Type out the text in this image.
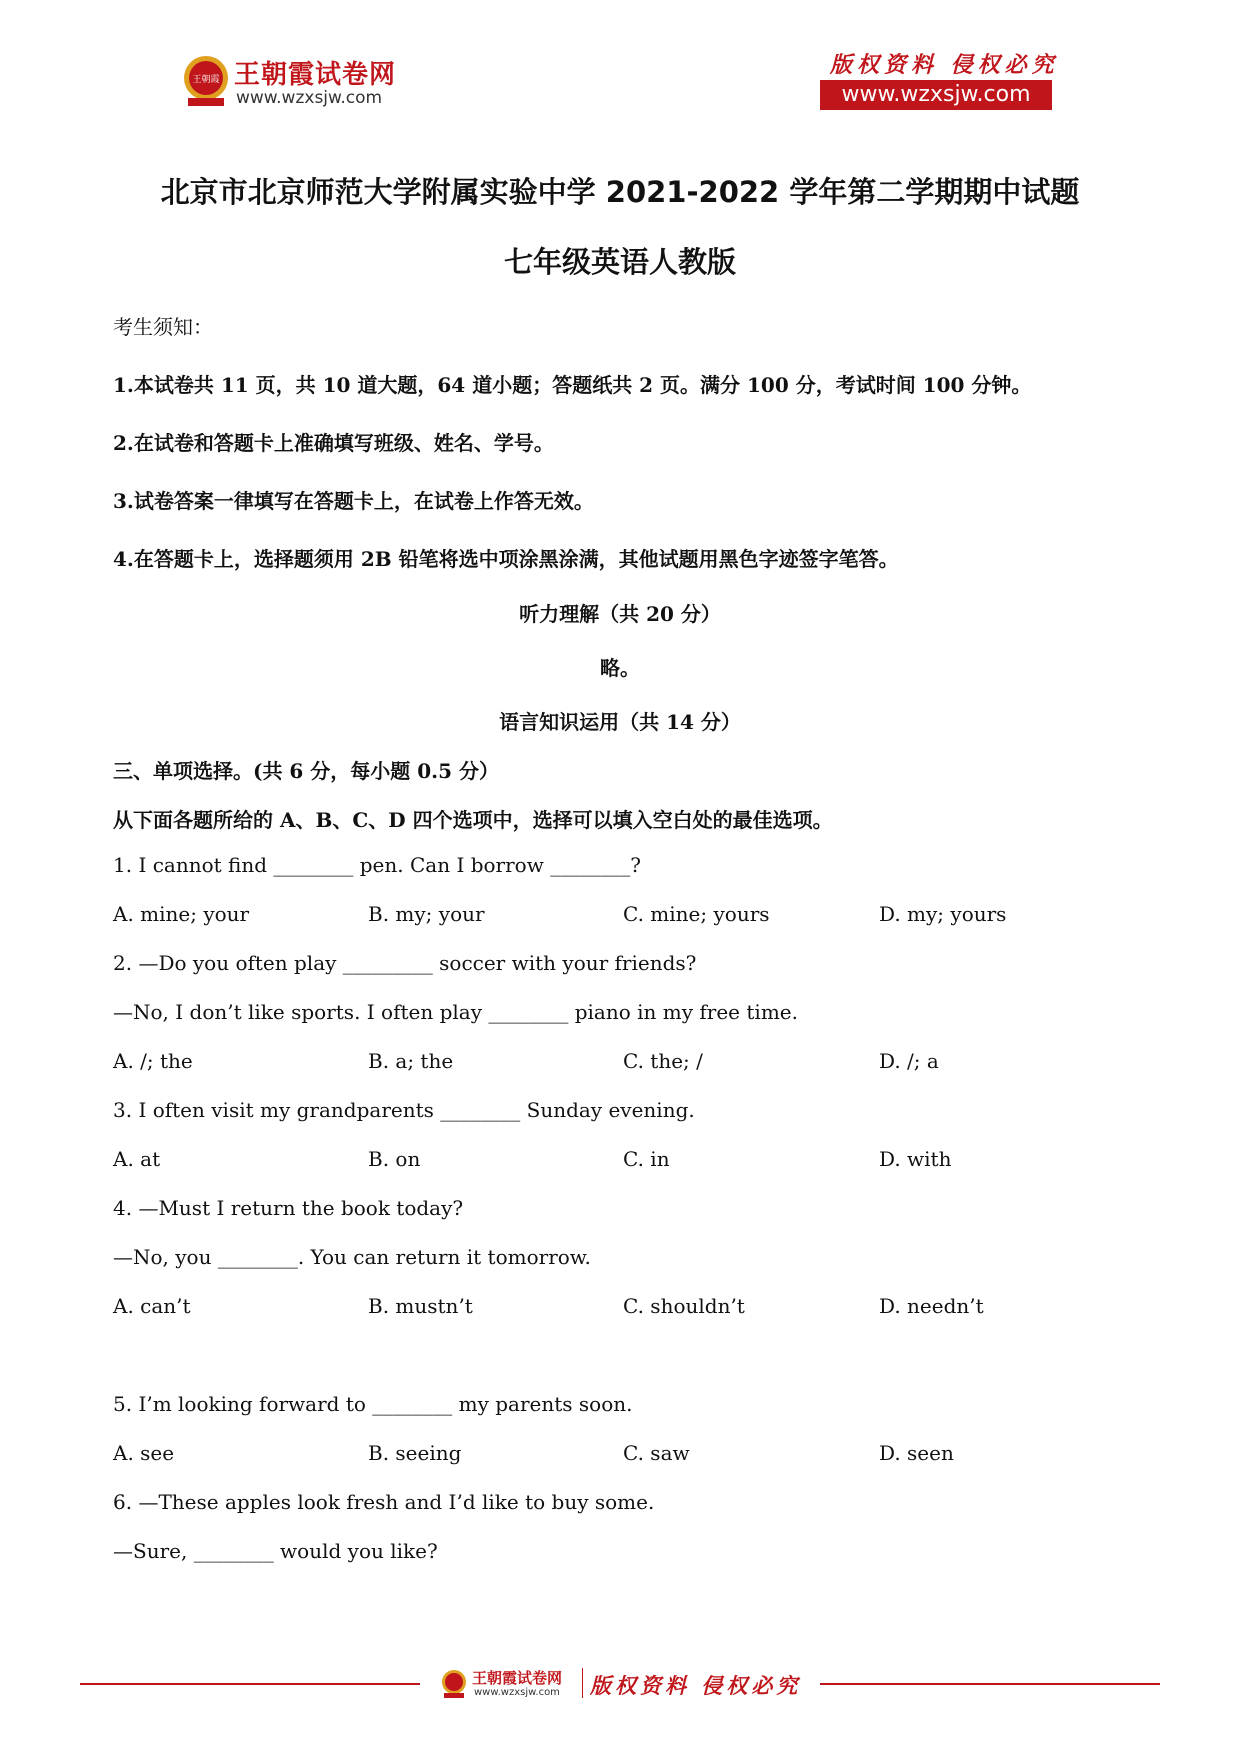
王朝霞 王朝霞试卷网
www.wzxsjw.com
版权资料 侵权必究
www.wzxsjw.com
北京市北京师范大学附属实验中学 2021-2022 学年第二学期期中试题
七年级英语人教版
考生须知：
1.本试卷共 11 页，共 10 道大题，64 道小题；答题纸共 2 页。满分 100 分，考试时间 100 分钟。
2.在试卷和答题卡上准确填写班级、姓名、学号。
3.试卷答案一律填写在答题卡上，在试卷上作答无效。
4.在答题卡上，选择题须用 2B 铅笔将选中项涂黑涂满，其他试题用黑色字迹签字笔答。
听力理解（共 20 分）
略。
语言知识运用（共 14 分）
三、单项选择。(共 6 分，每小题 0.5 分）
从下面各题所给的 A、B、C、D 四个选项中，选择可以填入空白处的最佳选项。
1. I cannot find ________ pen. Can I borrow ________?
A. mine; your	B. my; your	C. mine; yours	D. my; yours
2. —Do you often play _________ soccer with your friends?
—No, I don’t like sports. I often play ________ piano in my free time.
A. /; the	B. a; the	C. the; /	D. /; a
3. I often visit my grandparents ________ Sunday evening.
A. at	B. on	C. in	D. with
4. —Must I return the book today?
—No, you ________. You can return it tomorrow.
A. can’t	B. mustn’t	C. shouldn’t	D. needn’t
5. I’m looking forward to ________ my parents soon.
A. see	B. seeing	C. saw	D. seen
6. —These apples look fresh and I’d like to buy some.
—Sure, ________ would you like?
王朝霞试卷网
www.wzxsjw.com 版权资料 侵权必究
